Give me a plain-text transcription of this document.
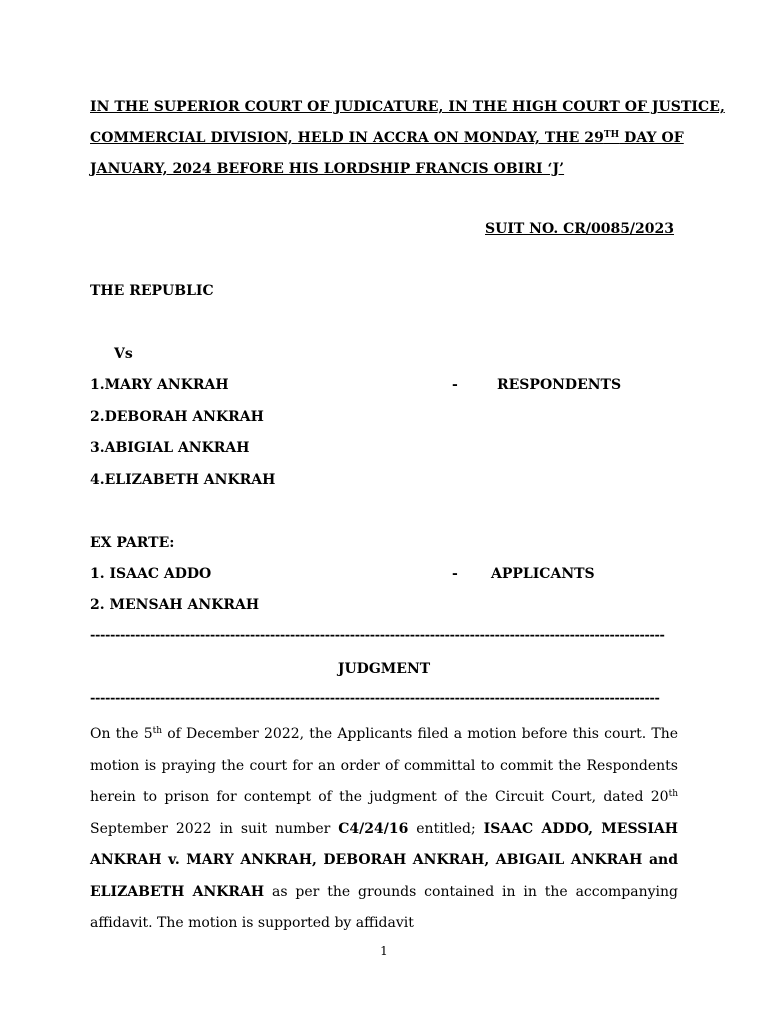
IN THE SUPERIOR COURT OF JUDICATURE, IN THE HIGH COURT OF JUSTICE,
COMMERCIAL DIVISION, HELD IN ACCRA ON MONDAY, THE 29TH DAY OF
JANUARY, 2024 BEFORE HIS LORDSHIP FRANCIS OBIRI ‘J’
SUIT NO. CR/0085/2023
THE REPUBLIC
Vs
1.MARY ANKRAH	-	RESPONDENTS
2.DEBORAH ANKRAH
3.ABIGIAL ANKRAH
4.ELIZABETH ANKRAH
EX PARTE:
1. ISAAC ADDO	- APPLICANTS
2. MENSAH ANKRAH
-------------------------------------------------------------------------------------------------------------------
JUDGMENT
------------------------------------------------------------------------------------------------------------------
On the 5th of December 2022, the Applicants filed a motion before this court. The motion is praying the court for an order of committal to commit the Respondents herein to prison for contempt of the judgment of the Circuit Court, dated 20th September 2022 in suit number C4/24/16 entitled; ISAAC ADDO, MESSIAH ANKRAH v. MARY ANKRAH, DEBORAH ANKRAH, ABIGAIL ANKRAH and ELIZABETH ANKRAH as per the grounds contained in in the accompanying affidavit. The motion is supported by affidavit
1
